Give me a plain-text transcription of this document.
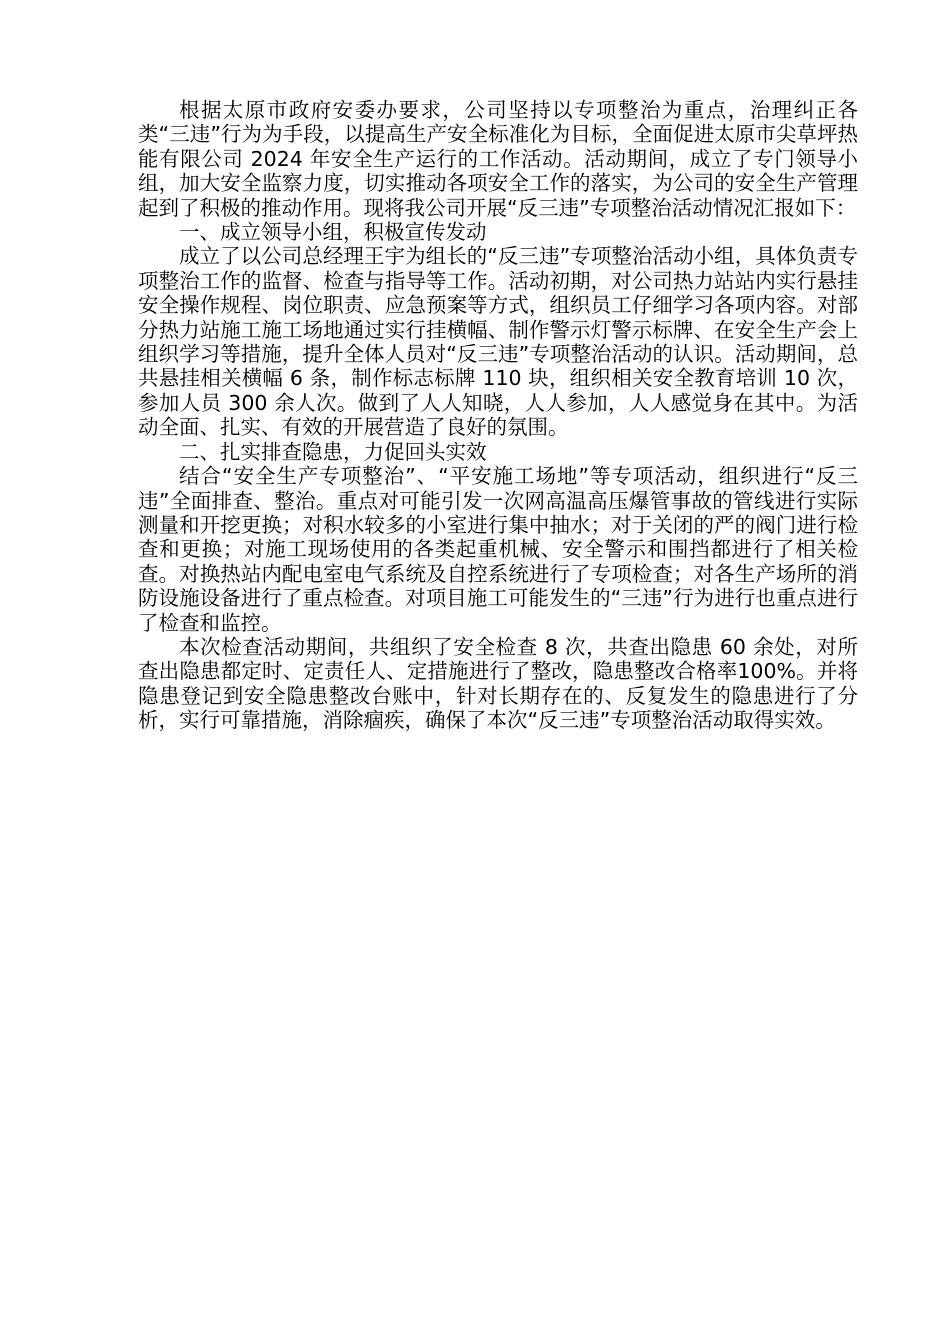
根据太原市政府安委办要求，公司坚持以专项整治为重点，治理纠正各类“三违”行为为手段，以提高生产安全标准化为目标，全面促进太原市尖草坪热能有限公司 2024 年安全生产运行的工作活动。活动期间，成立了专门领导小组，加大安全监察力度，切实推动各项安全工作的落实，为公司的安全生产管理起到了积极的推动作用。现将我公司开展“反三违”专项整治活动情况汇报如下：

一、成立领导小组，积极宣传发动

成立了以公司总经理王宇为组长的“反三违”专项整治活动小组，具体负责专项整治工作的监督、检查与指导等工作。活动初期，对公司热力站站内实行悬挂安全操作规程、岗位职责、应急预案等方式，组织员工仔细学习各项内容。对部分热力站施工施工场地通过实行挂横幅、制作警示灯警示标牌、在安全生产会上组织学习等措施，提升全体人员对“反三违”专项整治活动的认识。活动期间，总共悬挂相关横幅 6 条，制作标志标牌 110 块，组织相关安全教育培训 10 次，参加人员 300 余人次。做到了人人知晓，人人参加，人人感觉身在其中。为活动全面、扎实、有效的开展营造了良好的氛围。

二、扎实排查隐患，力促回头实效

结合“安全生产专项整治”、“平安施工场地”等专项活动，组织进行“反三违”全面排查、整治。重点对可能引发一次网高温高压爆管事故的管线进行实际测量和开挖更换；对积水较多的小室进行集中抽水；对于关闭的严的阀门进行检查和更换；对施工现场使用的各类起重机械、安全警示和围挡都进行了相关检查。对换热站内配电室电气系统及自控系统进行了专项检查；对各生产场所的消防设施设备进行了重点检查。对项目施工可能发生的“三违”行为进行也重点进行了检查和监控。

本次检查活动期间，共组织了安全检查 8 次，共查出隐患 60 余处，对所查出隐患都定时、定责任人、定措施进行了整改，隐患整改合格率100%。并将隐患登记到安全隐患整改台账中，针对长期存在的、反复发生的隐患进行了分析，实行可靠措施，消除痼疾，确保了本次“反三违”专项整治活动取得实效。
